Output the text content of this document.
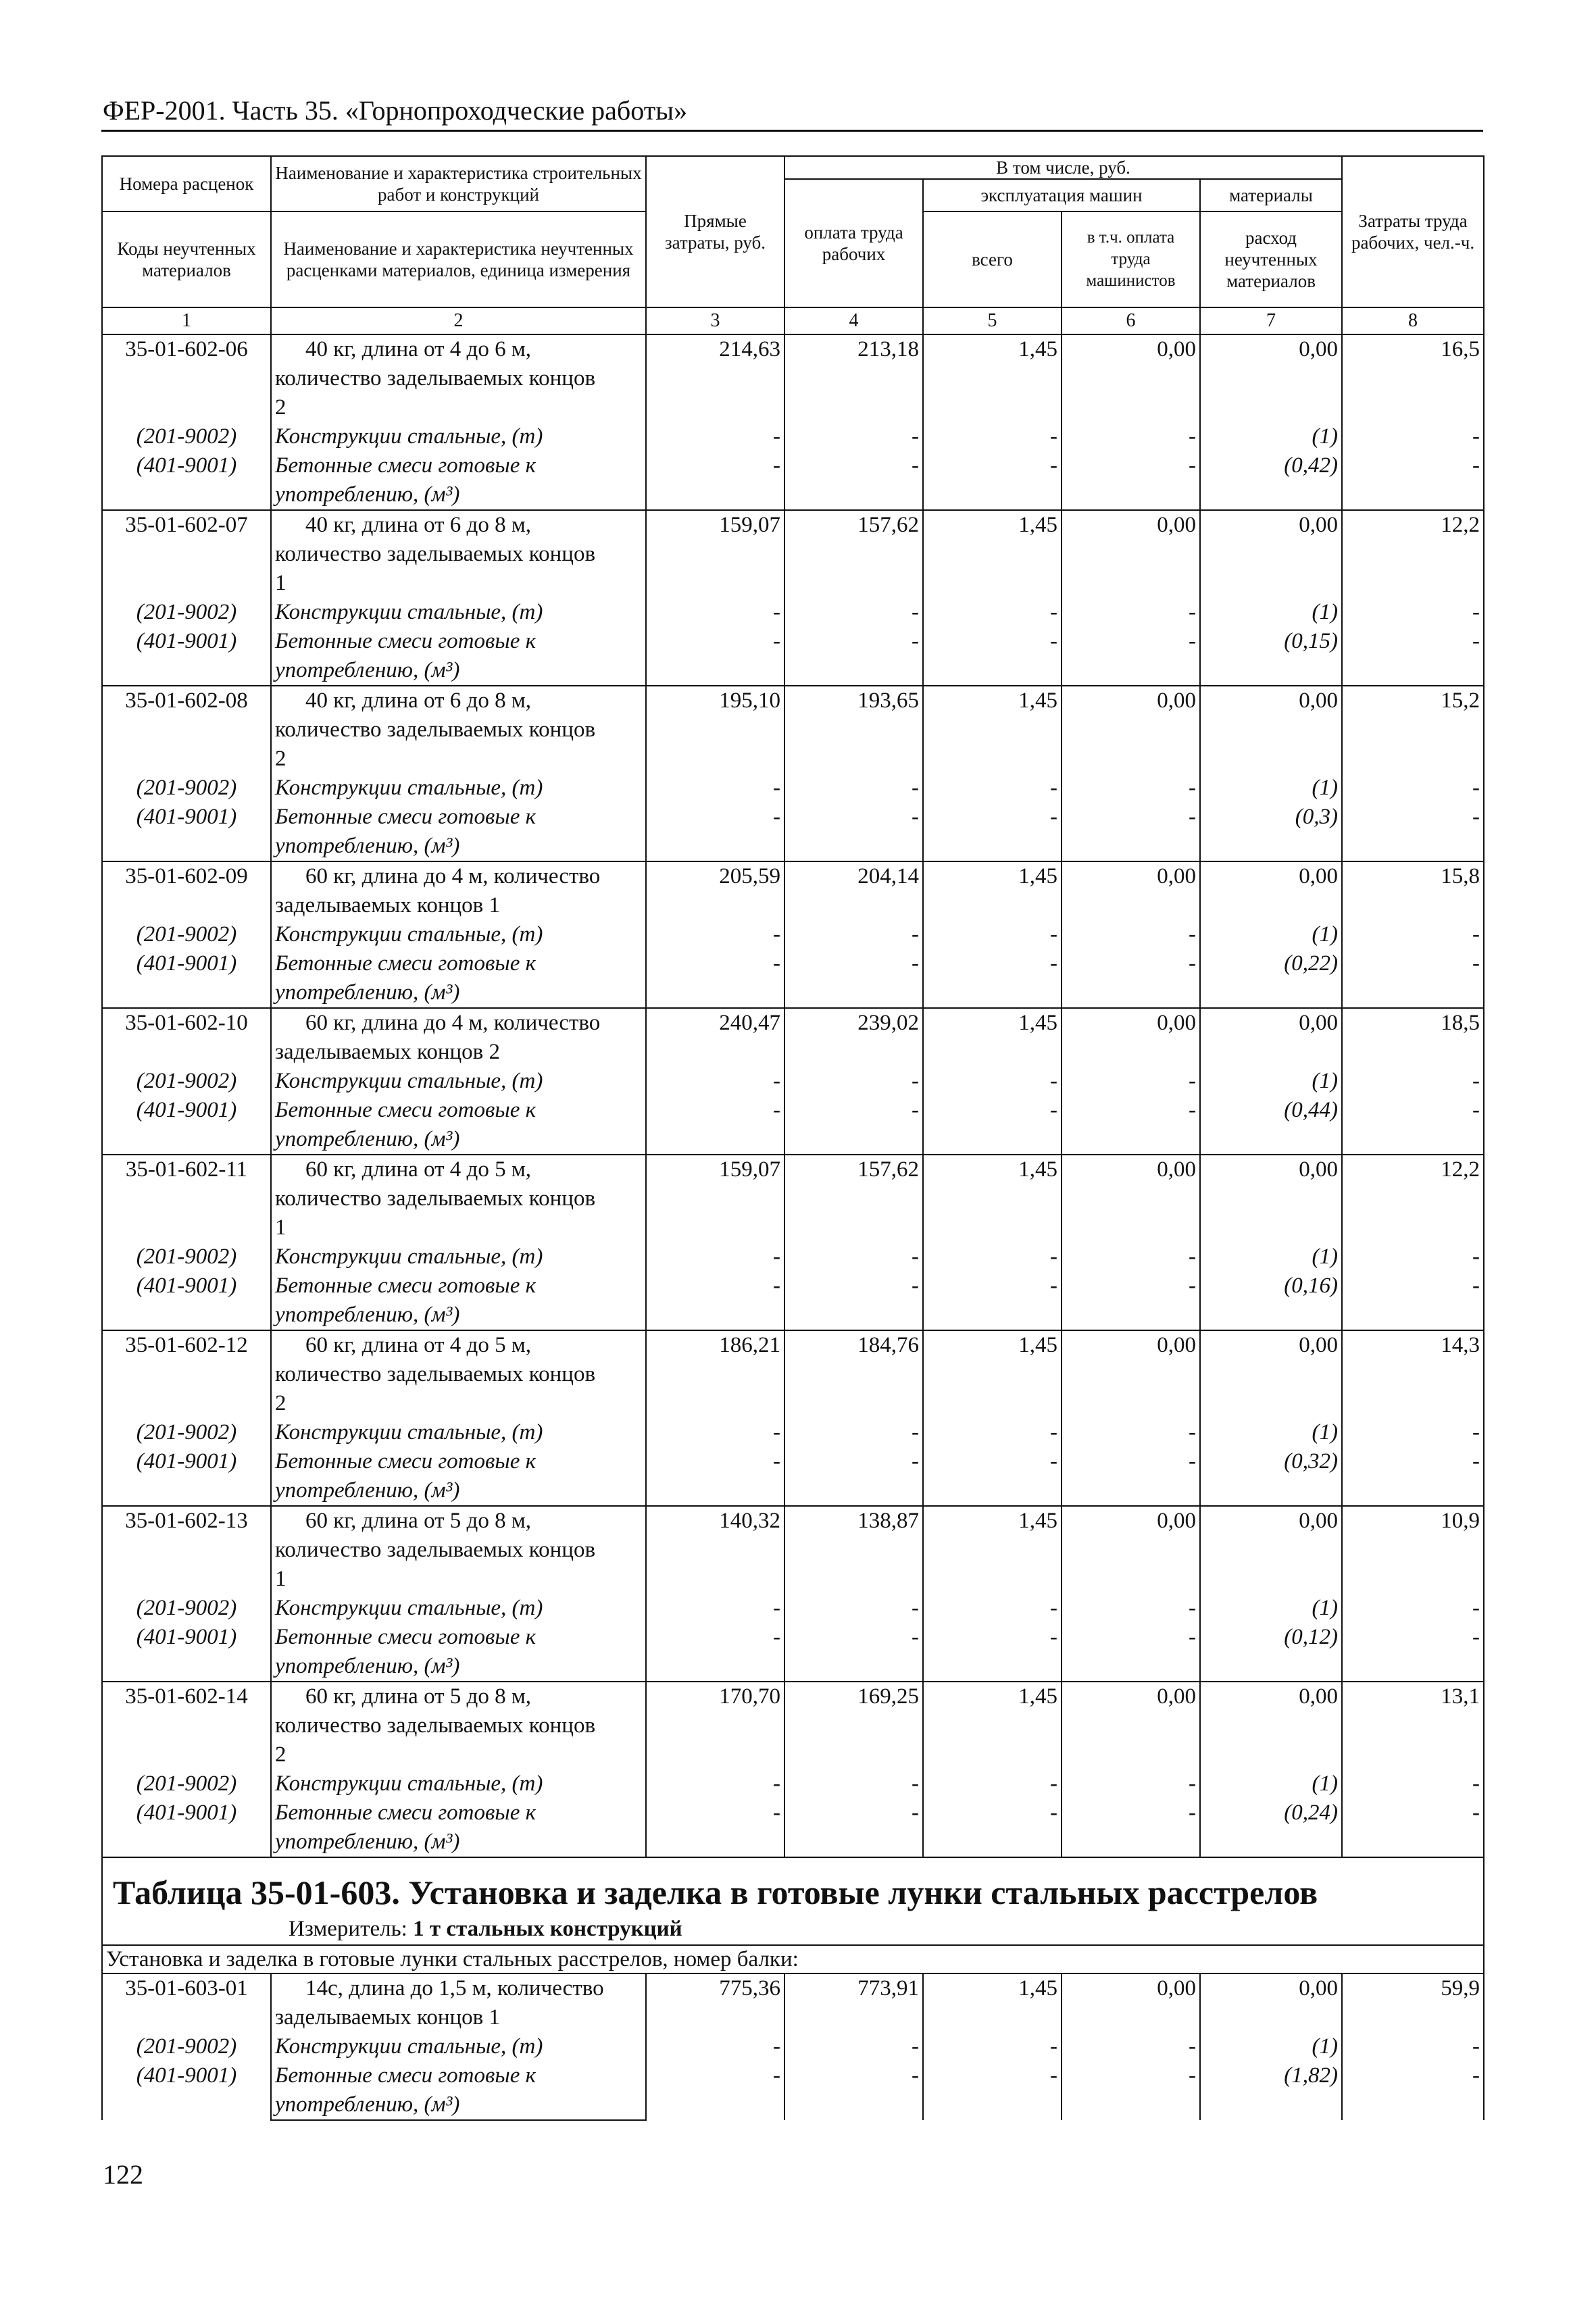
ФЕР-2001. Часть 35. «Горнопроходческие работы»
Номера расценок	Наименование и характеристика строительных работ и конструкций	Прямые затраты, руб.	В том числе, руб.				Затраты труда рабочих, чел.-ч.
			оплата труда рабочих	эксплуатация машин		материалы	
Коды неучтенных материалов	Наименование и характеристика неучтенных расценками материалов, единица измерения			всего	в т.ч. оплата труда машинистов	расход неучтенных материалов	

1	2	3	4	5	6	7	8
35-01-602-06	40 кг, длина от 4 до 6 м,	214,63	213,18	1,45	0,00	0,00	16,5
	количество заделываемых концов						
	2						
(201-9002)	Конструкции стальные, (т)	-	-	-	-	(1)	-
(401-9001)	Бетонные смеси готовые к	-	-	-	-	(0,42)	-
	употреблению, (м³)						
35-01-602-07	40 кг, длина от 6 до 8 м,	159,07	157,62	1,45	0,00	0,00	12,2
	количество заделываемых концов						
	1						
(201-9002)	Конструкции стальные, (т)	-	-	-	-	(1)	-
(401-9001)	Бетонные смеси готовые к	-	-	-	-	(0,15)	-
	употреблению, (м³)						
35-01-602-08	40 кг, длина от 6 до 8 м,	195,10	193,65	1,45	0,00	0,00	15,2
	количество заделываемых концов						
	2						
(201-9002)	Конструкции стальные, (т)	-	-	-	-	(1)	-
(401-9001)	Бетонные смеси готовые к	-	-	-	-	(0,3)	-
	употреблению, (м³)						
35-01-602-09	60 кг, длина до 4 м, количество	205,59	204,14	1,45	0,00	0,00	15,8
	заделываемых концов 1						
(201-9002)	Конструкции стальные, (т)	-	-	-	-	(1)	-
(401-9001)	Бетонные смеси готовые к	-	-	-	-	(0,22)	-
	употреблению, (м³)						
35-01-602-10	60 кг, длина до 4 м, количество	240,47	239,02	1,45	0,00	0,00	18,5
	заделываемых концов 2						
(201-9002)	Конструкции стальные, (т)	-	-	-	-	(1)	-
(401-9001)	Бетонные смеси готовые к	-	-	-	-	(0,44)	-
	употреблению, (м³)						
35-01-602-11	60 кг, длина от 4 до 5 м,	159,07	157,62	1,45	0,00	0,00	12,2
	количество заделываемых концов						
	1						
(201-9002)	Конструкции стальные, (т)	-	-	-	-	(1)	-
(401-9001)	Бетонные смеси готовые к	-	-	-	-	(0,16)	-
	употреблению, (м³)						
35-01-602-12	60 кг, длина от 4 до 5 м,	186,21	184,76	1,45	0,00	0,00	14,3
	количество заделываемых концов						
	2						
(201-9002)	Конструкции стальные, (т)	-	-	-	-	(1)	-
(401-9001)	Бетонные смеси готовые к	-	-	-	-	(0,32)	-
	употреблению, (м³)						
35-01-602-13	60 кг, длина от 5 до 8 м,	140,32	138,87	1,45	0,00	0,00	10,9
	количество заделываемых концов						
	1						
(201-9002)	Конструкции стальные, (т)	-	-	-	-	(1)	-
(401-9001)	Бетонные смеси готовые к	-	-	-	-	(0,12)	-
	употреблению, (м³)						
35-01-602-14	60 кг, длина от 5 до 8 м,	170,70	169,25	1,45	0,00	0,00	13,1
	количество заделываемых концов						
	2						
(201-9002)	Конструкции стальные, (т)	-	-	-	-	(1)	-
(401-9001)	Бетонные смеси готовые к	-	-	-	-	(0,24)	-
	употреблению, (м³)						

Таблица 35-01-603. Установка и заделка в готовые лунки стальных расстрелов
Измеритель: 1 т стальных конструкций							

Установка и заделка в готовые лунки стальных расстрелов, номер балки:							
35-01-603-01	14с, длина до 1,5 м, количество	775,36	773,91	1,45	0,00	0,00	59,9
	заделываемых концов 1						
(201-9002)	Конструкции стальные, (т)	-	-	-	-	(1)	-
(401-9001)	Бетонные смеси готовые к	-	-	-	-	(1,82)	-
	употреблению, (м³)						
122
